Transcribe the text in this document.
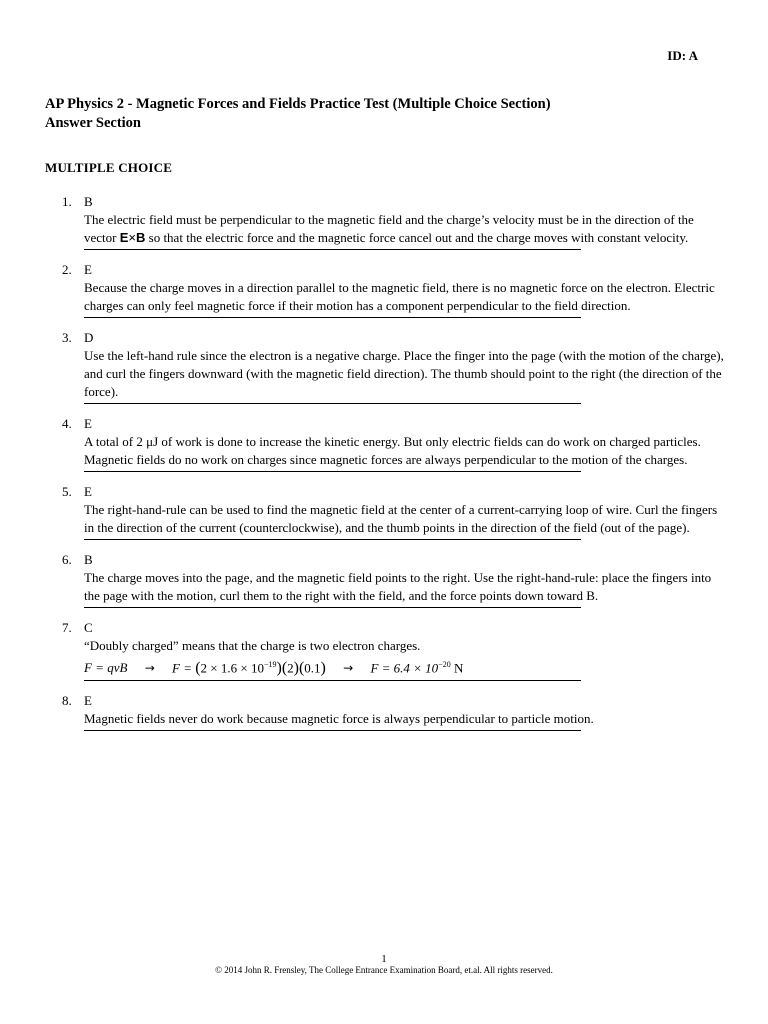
ID: A
AP Physics 2 - Magnetic Forces and Fields Practice Test (Multiple Choice Section)
Answer Section
MULTIPLE CHOICE
1. B
The electric field must be perpendicular to the magnetic field and the charge’s velocity must be in the direction of the vector E×B so that the electric force and the magnetic force cancel out and the charge moves with constant velocity.
2. E
Because the charge moves in a direction parallel to the magnetic field, there is no magnetic force on the electron. Electric charges can only feel magnetic force if their motion has a component perpendicular to the field direction.
3. D
Use the left-hand rule since the electron is a negative charge. Place the finger into the page (with the motion of the charge), and curl the fingers downward (with the magnetic field direction). The thumb should point to the right (the direction of the force).
4. E
A total of 2 μJ of work is done to increase the kinetic energy. But only electric fields can do work on charged particles. Magnetic fields do no work on charges since magnetic forces are always perpendicular to the motion of the charges.
5. E
The right-hand-rule can be used to find the magnetic field at the center of a current-carrying loop of wire. Curl the fingers in the direction of the current (counterclockwise), and the thumb points in the direction of the field (out of the page).
6. B
The charge moves into the page, and the magnetic field points to the right. Use the right-hand-rule: place the fingers into the page with the motion, curl them to the right with the field, and the force points down toward B.
7. C
“Doubly charged” means that the charge is two electron charges.
F = qvB → $F = (2 \times 1.6 \times 10^{-19})(2)(0.1) \to F = 6.4 \times 10^{-20}$ N
8. E
Magnetic fields never do work because magnetic force is always perpendicular to particle motion.
1
© 2014 John R. Frensley, The College Entrance Examination Board, et.al. All rights reserved.
